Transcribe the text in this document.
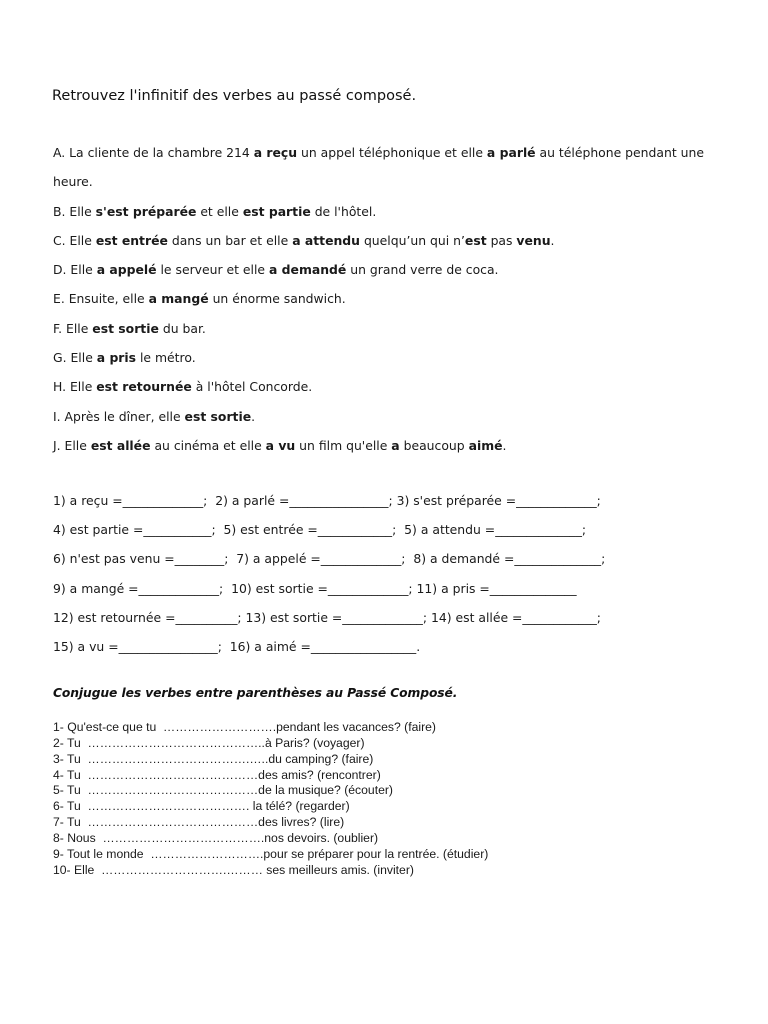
Retrouvez l'infinitif des verbes au passé composé.
A. La cliente de la chambre 214 a reçu un appel téléphonique et elle a parlé au téléphone pendant une
heure.
B. Elle s'est préparée et elle est partie de l'hôtel.
C. Elle est entrée dans un bar et elle a attendu quelqu’un qui n’est pas venu.
D. Elle a appelé le serveur et elle a demandé un grand verre de coca.
E. Ensuite, elle a mangé un énorme sandwich.
F. Elle est sortie du bar.
G. Elle a pris le métro.
H. Elle est retournée à l'hôtel Concorde.
I. Après le dîner, elle est sortie.
J. Elle est allée au cinéma et elle a vu un film qu'elle a beaucoup aimé.
1) a reçu =_____________;  2) a parlé =________________; 3) s'est préparée =_____________;
4) est partie =___________;  5) est entrée =____________;  5) a attendu =______________;
6) n'est pas venu =________;  7) a appelé =_____________;  8) a demandé =______________;
9) a mangé =_____________;  10) est sortie =_____________; 11) a pris =______________
12) est retournée =__________; 13) est sortie =_____________; 14) est allée =____________;
15) a vu =________________;  16) a aimé =_________________.
Conjugue les verbes entre parenthèses au Passé Composé.
1- Qu'est-ce que tu  ……………………….pendant les vacances? (faire)
2- Tu  ……………………………………..à Paris? (voyager)
3- Tu  ………………………………….…..du camping? (faire)
4- Tu  ……………………………………des amis? (rencontrer)
5- Tu  ……………………………………de la musique? (écouter)
6- Tu  …………………………………. la télé? (regarder)
7- Tu  ……………………………………des livres? (lire)
8- Nous  ………………………………….nos devoirs. (oublier)
9- Tout le monde  ……………………….pour se préparer pour la rentrée. (étudier)
10- Elle  ………………………….……… ses meilleurs amis. (inviter)
